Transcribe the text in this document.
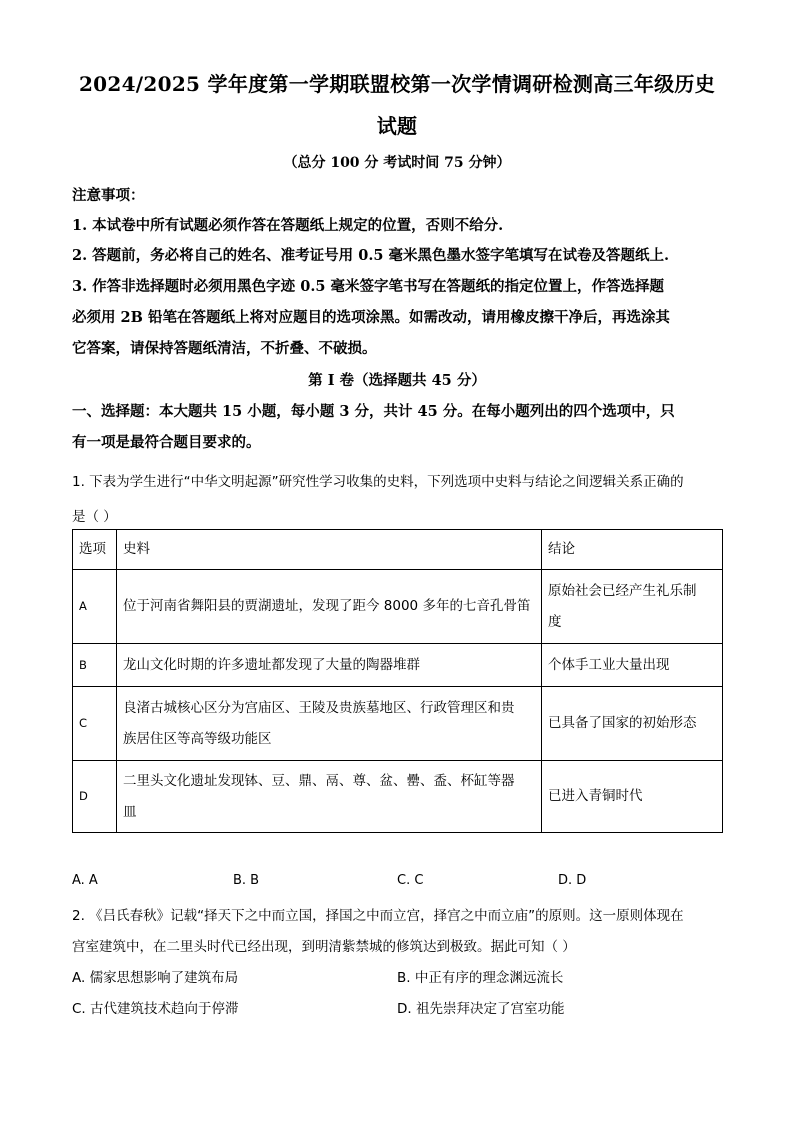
2024/2025 学年度第一学期联盟校第一次学情调研检测高三年级历史
试题
（总分 100 分 考试时间 75 分钟）
注意事项：
1. 本试卷中所有试题必须作答在答题纸上规定的位置，否则不给分.
2. 答题前，务必将自己的姓名、准考证号用 0.5 毫米黑色墨水签字笔填写在试卷及答题纸上.
3. 作答非选择题时必须用黑色字迹 0.5 毫米签字笔书写在答题纸的指定位置上，作答选择题
必须用 2B 铅笔在答题纸上将对应题目的选项涂黑。如需改动，请用橡皮擦干净后，再选涂其
它答案，请保持答题纸清洁，不折叠、不破损。
第 I 卷（选择题共 45 分）
一、选择题：本大题共 15 小题，每小题 3 分，共计 45 分。在每小题列出的四个选项中，只
有一项是最符合题目要求的。
1. 下表为学生进行“中华文明起源”研究性学习收集的史料，下列选项中史料与结论之间逻辑关系正确的
是（ ）
选项	史料	结论
A	位于河南省舞阳县的贾湖遗址，发现了距今 8000 多年的七音孔骨笛	原始社会已经产生礼乐制
度
B	龙山文化时期的许多遗址都发现了大量的陶器堆群	个体手工业大量出现
C	良渚古城核心区分为宫庙区、王陵及贵族墓地区、行政管理区和贵
族居住区等高等级功能区	已具备了国家的初始形态
D	二里头文化遗址发现钵、豆、鼎、鬲、尊、盆、罍、盉、杯缸等器
皿	已进入青铜时代
A. A	B. B	C. C	D. D
2. 《吕氏春秋》记载“择天下之中而立国，择国之中而立宫，择宫之中而立庙”的原则。这一原则体现在
宫室建筑中，在二里头时代已经出现，到明清紫禁城的修筑达到极致。据此可知（ ）
A. 儒家思想影响了建筑布局	B. 中正有序的理念渊远流长
C. 古代建筑技术趋向于停滞	D. 祖先崇拜决定了宫室功能
